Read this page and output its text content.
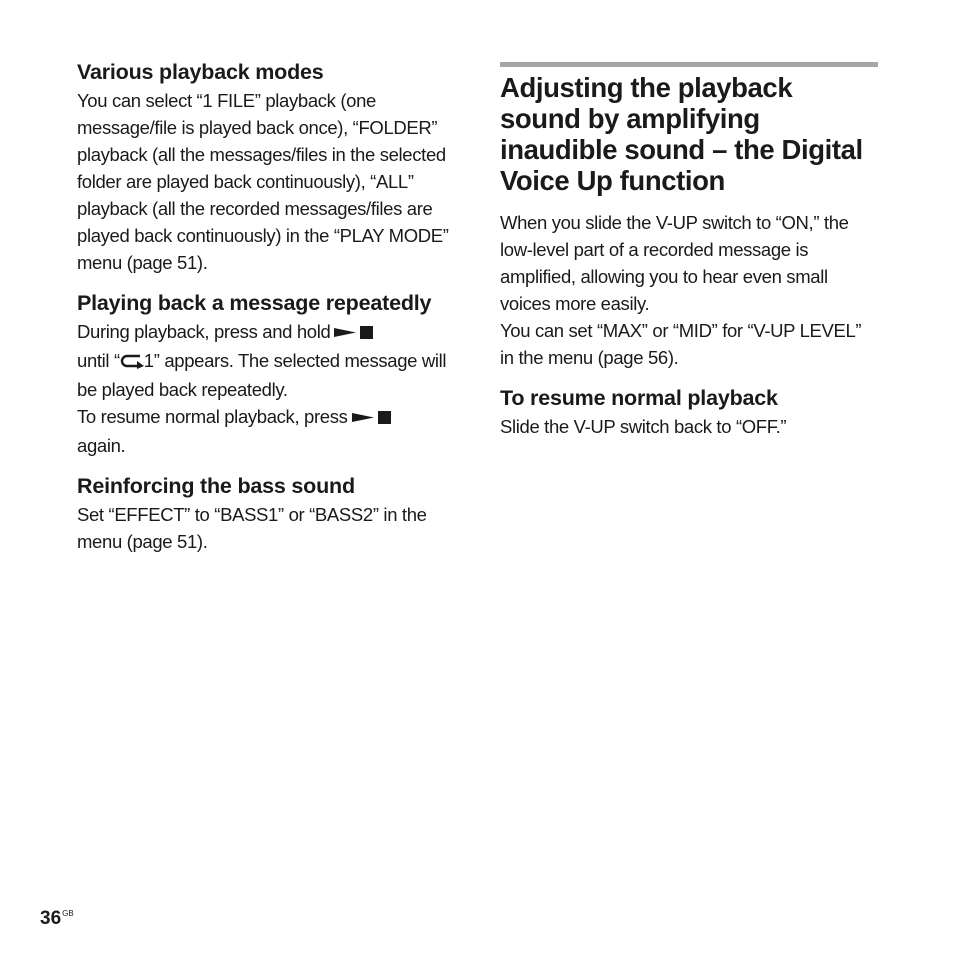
Various playback modes

You can select “1 FILE” playback (one message/file is played back once), “FOLDER” playback (all the messages/files in the selected folder are played back continuously), “ALL” playback (all the recorded messages/files are played back continuously) in the “PLAY MODE” menu (page 51).

Playing back a message repeatedly

During playback, press and hold
until “ 1” appears. The selected message will be played back repeatedly.
To resume normal playback, press
again.

Reinforcing the bass sound

Set “EFFECT” to “BASS1” or “BASS2” in the menu (page 51).

Adjusting the playback sound by amplifying inaudible sound – the Digital Voice Up function

When you slide the V-UP switch to “ON,” the low-level part of a recorded message is amplified, allowing you to hear even small voices more easily.

You can set “MAX” or “MID” for “V-UP LEVEL” in the menu (page 56).

To resume normal playback

Slide the V-UP switch back to “OFF.”

$36^{GB}$
